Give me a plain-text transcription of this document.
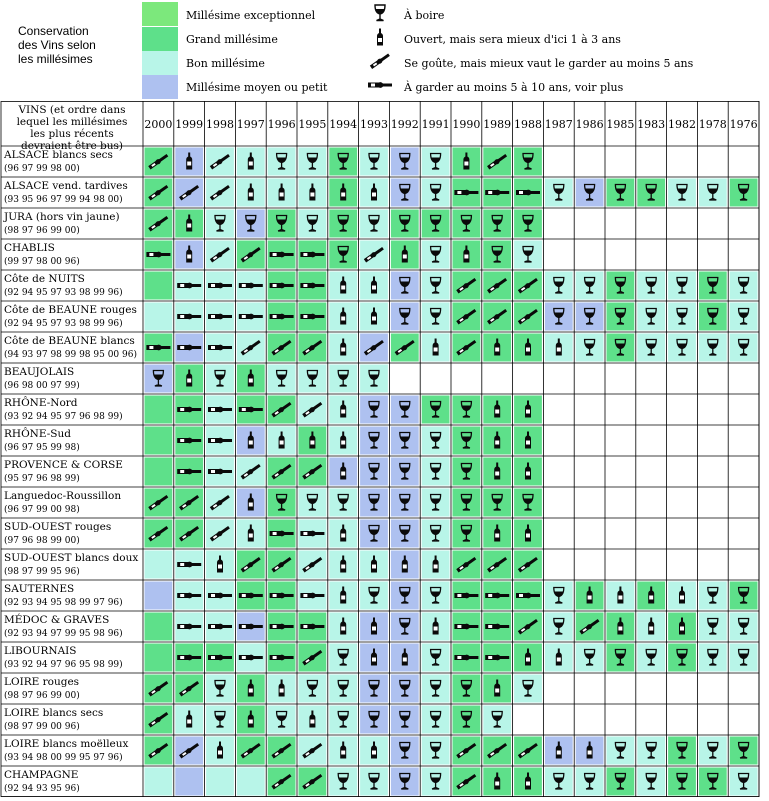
Conservation
des Vins selon
les millésimes
Millésime exceptionnel
Grand millésime
Bon millésime
Millésime moyen ou petit
À boire
Ouvert, mais sera mieux d'ici 1 à 3 ans
Se goûte, mais mieux vaut le garder au moins 5 ans
À garder au moins 5 à 10 ans, voir plus
ALSACE blancs secs
(96 97 99 98 00)
ALSACE vend. tardives
(93 95 96 97 99 94 98 00)
JURA (hors vin jaune)
(98 97 96 99 00)
CHABLIS
(99 97 98 00 96)
Côte de NUITS
(92 94 95 97 93 98 99 96)
Côte de BEAUNE rouges
(92 94 95 97 93 98 99 96)
Côte de BEAUNE blancs
(94 93 97 98 99 98 95 00 96)
BEAUJOLAIS
(96 98 00 97 99)
RHÔNE-Nord
(93 92 94 95 97 96 98 99)
RHÔNE-Sud
(96 97 95 99 98)
PROVENCE & CORSE
(95 97 96 98 99)
Languedoc-Roussillon
(96 97 99 00 98)
SUD-OUEST rouges
(97 96 98 99 00)
SUD-OUEST blancs doux
(98 97 99 95 96)
SAUTERNES
(92 93 94 95 98 99 97 96)
MÉDOC & GRAVES
(92 93 94 97 99 95 98 96)
LIBOURNAIS
(93 92 94 97 96 95 98 99)
LOIRE rouges
(98 97 96 99 00)
LOIRE blancs secs
(98 97 99 00 96)
LOIRE blancs moëlleux
(93 94 98 00 99 95 97 96)
CHAMPAGNE
(92 94 93 95 96)
VINS (et ordre dans lequel les millésimes les plus récents devraient être bus)
2000 1999 1998 1997 1996 1995 1994 1993 1992 1991 1990 1989 1988 1987 1986 1985 1983 1982 1978 1976
